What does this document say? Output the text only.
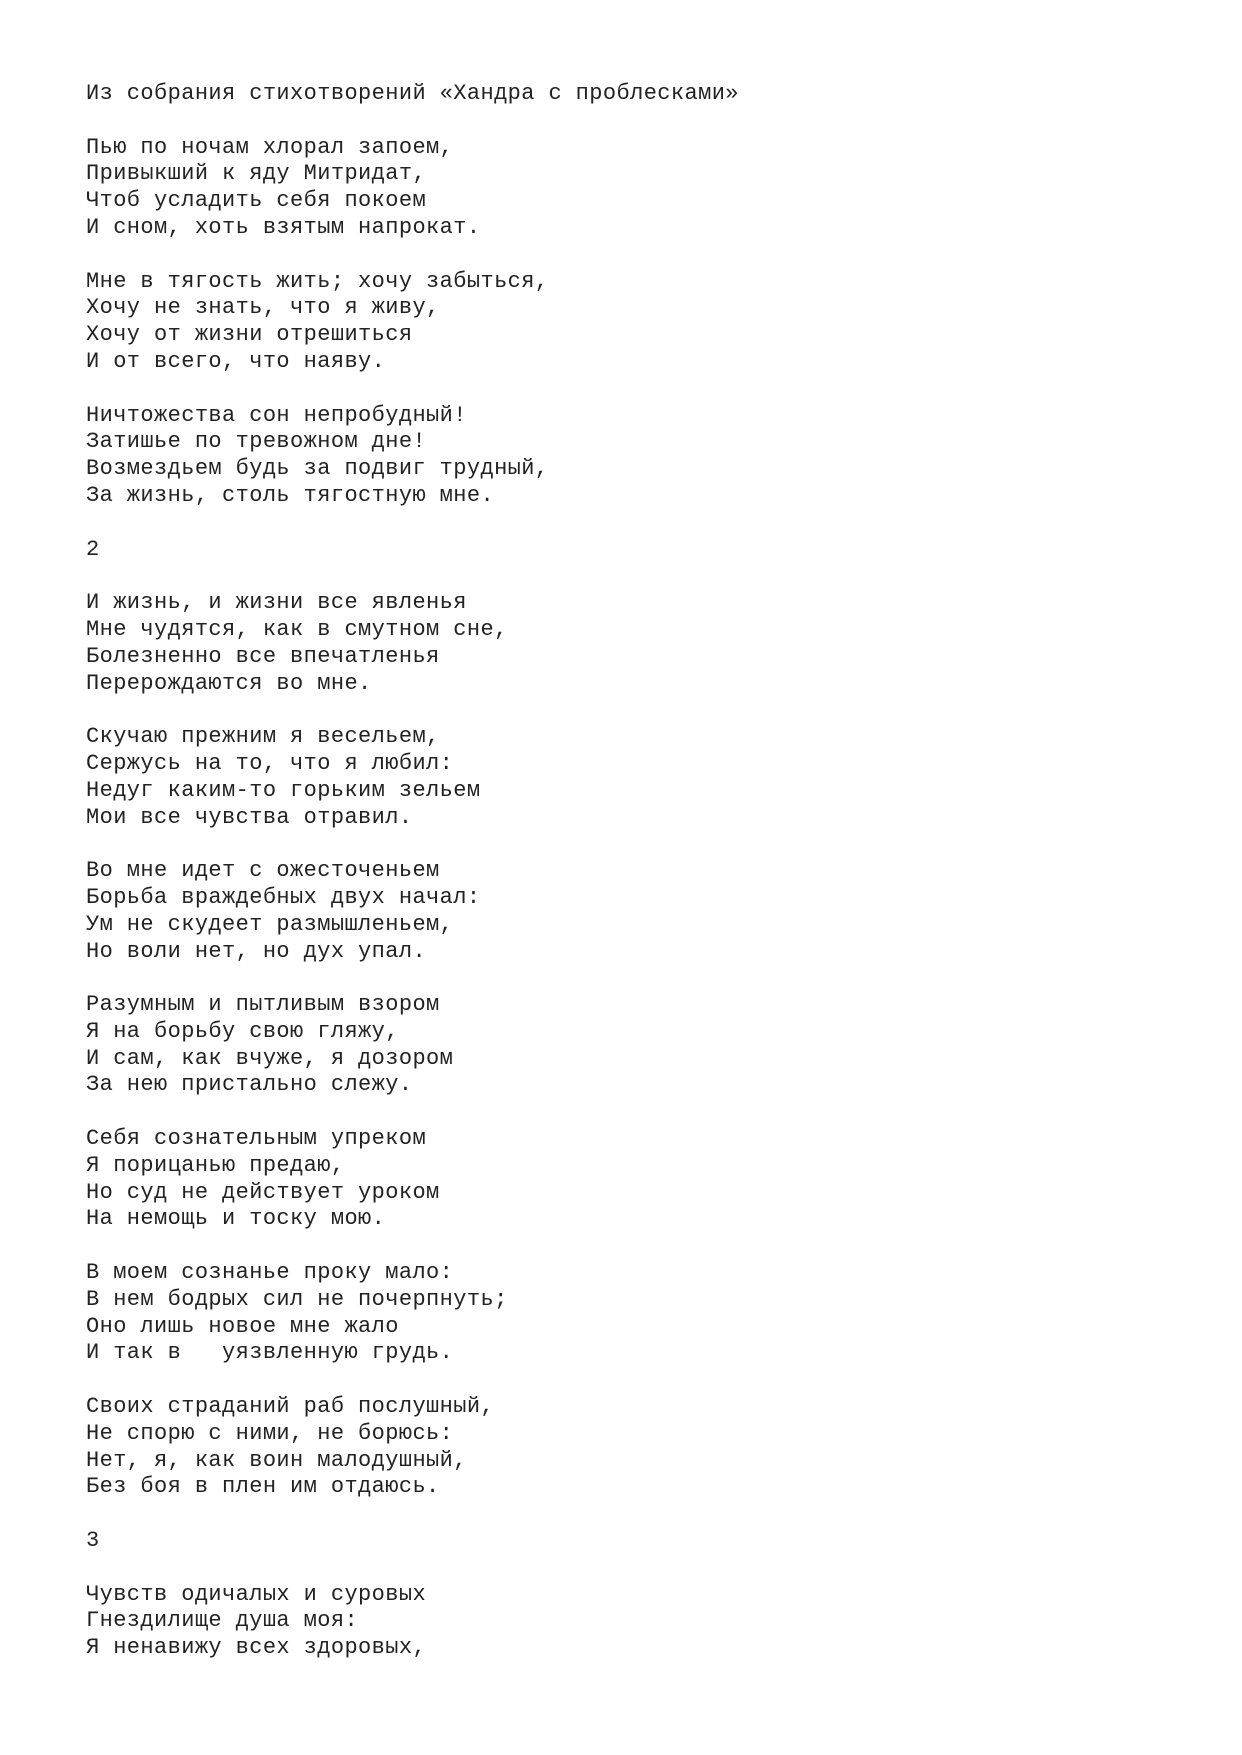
Из собрания стихотворений «Хандра с проблесками»
Пью по ночам хлорал запоем,
Привыкший к яду Митридат,
Чтоб усладить себя покоем
И сном, хоть взятым напрокат.
Мне в тягость жить; хочу забыться,
Хочу не знать, что я живу,
Хочу от жизни отрешиться
И от всего, что наяву.
Ничтожества сон непробудный!
Затишье по тревожном дне!
Возмездьем будь за подвиг трудный,
За жизнь, столь тягостную мне.
2
И жизнь, и жизни все явленья
Мне чудятся, как в смутном сне,
Болезненно все впечатленья
Перерождаются во мне.
Скучаю прежним я весельем,
Сержусь на то, что я любил:
Недуг каким-то горьким зельем
Мои все чувства отравил.
Во мне идет с ожесточеньем
Борьба враждебных двух начал:
Ум не скудеет размышленьем,
Но воли нет, но дух упал.
Разумным и пытливым взором
Я на борьбу свою гляжу,
И сам, как вчуже, я дозором
За нею пристально слежу.
Себя сознательным упреком
Я порицанью предаю,
Но суд не действует уроком
На немощь и тоску мою.
В моем сознанье проку мало:
В нем бодрых сил не почерпнуть;
Оно лишь новое мне жало
И так в   уязвленную грудь.
Своих страданий раб послушный,
Не спорю с ними, не борюсь:
Нет, я, как воин малодушный,
Без боя в плен им отдаюсь.
3
Чувств одичалых и суровых
Гнездилище душа моя:
Я ненавижу всех здоровых,
